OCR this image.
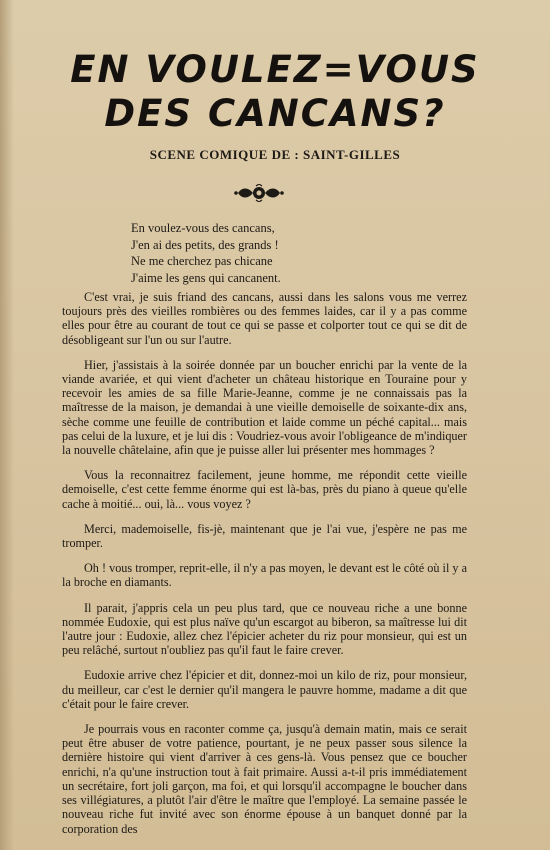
EN VOULEZ=VOUS
DES CANCANS?
SCENE COMIQUE DE : SAINT-GILLES
En voulez-vous des cancans,
J'en ai des petits, des grands !
Ne me cherchez pas chicane
J'aime les gens qui cancanent.

C'est vrai, je suis friand des cancans, aussi dans les salons vous me verrez toujours près des vieilles rombières ou des femmes laides, car il y a pas comme elles pour être au courant de tout ce qui se passe et colporter tout ce qui se dit de désobligeant sur l'un ou sur l'autre.

Hier, j'assistais à la soirée donnée par un boucher enrichi par la vente de la viande avariée, et qui vient d'acheter un château historique en Touraine pour y recevoir les amies de sa fille Marie-Jeanne, comme je ne connaissais pas la maîtresse de la maison, je demandai à une vieille demoiselle de soixante-dix ans, sèche comme une feuille de contribution et laide comme un péché capital... mais pas celui de la luxure, et je lui dis : Voudriez-vous avoir l'obligeance de m'indiquer la nouvelle châtelaine, afin que je puisse aller lui présenter mes hommages ?

Vous la reconnaitrez facilement, jeune homme, me répondit cette vieille demoiselle, c'est cette femme énorme qui est là-bas, près du piano à queue qu'elle cache à moitié... oui, là... vous voyez ?

Merci, mademoiselle, fis-jè, maintenant que je l'ai vue, j'espère ne pas me tromper.

Oh ! vous tromper, reprit-elle, il n'y a pas moyen, le devant est le côté où il y a la broche en diamants.

Il parait, j'appris cela un peu plus tard, que ce nouveau riche a une bonne nommée Eudoxie, qui est plus naïve qu'un escargot au biberon, sa maîtresse lui dit l'autre jour : Eudoxie, allez chez l'épicier acheter du riz pour monsieur, qui est un peu relâché, surtout n'oubliez pas qu'il faut le faire crever.

Eudoxie arrive chez l'épicier et dit, donnez-moi un kilo de riz, pour monsieur, du meilleur, car c'est le dernier qu'il mangera le pauvre homme, madame a dit que c'était pour le faire crever.

Je pourrais vous en raconter comme ça, jusqu'à demain matin, mais ce serait peut être abuser de votre patience, pourtant, je ne peux passer sous silence la dernière histoire qui vient d'arriver à ces gens-là. Vous pensez que ce boucher enrichi, n'a qu'une instruction tout à fait primaire. Aussi a-t-il pris immédiatement un secrétaire, fort joli garçon, ma foi, et qui lorsqu'il accompagne le boucher dans ses villégiatures, a plutôt l'air d'être le maître que l'employé. La semaine passée le nouveau riche fut invité avec son énorme épouse à un banquet donné par la corporation des
